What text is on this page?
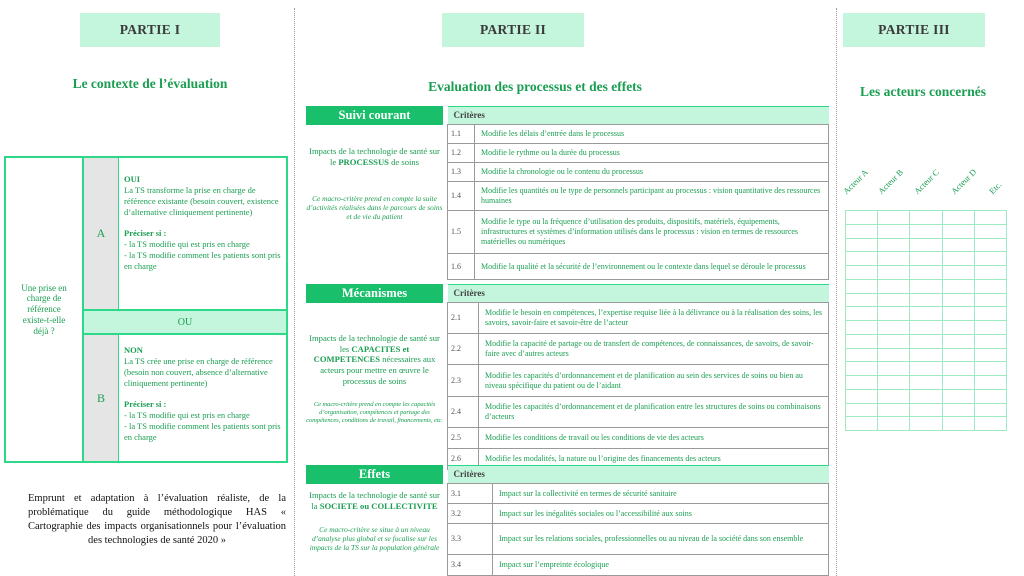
PARTIE I
Le contexte de l’évaluation
Une prise en charge de référence existe-t-elle déjà ?
A
OUI
La TS transforme la prise en charge de référence existante (besoin couvert, existence d’alternative cliniquement pertinente)
Préciser si :
- la TS modifie qui est pris en charge
- la TS modifie comment les patients sont pris en charge
OU
B
NON
La TS crée une prise en charge de référence (besoin non couvert, absence d’alternative cliniquement pertinente)
Préciser si :
- la TS modifie qui est pris en charge
- la TS modifie comment les patients sont pris en charge
Emprunt et adaptation à l’évaluation réaliste, de la problématique du guide méthodologique HAS « Cartographie des impacts organisationnels pour l’évaluation des technologies de santé 2020 »
PARTIE II
Evaluation des processus et des effets
Suivi courant
Impacts de la technologie de santé sur le PROCESSUS de soins
Ce macro-critère prend en compte la suite d’activités réalisées dans le parcours de soins et de vie du patient
Critères	
1.1	Modifie les délais d’entrée dans le processus
1.2	Modifie le rythme ou la durée du processus
1.3	Modifie la chronologie ou le contenu du processus
1.4	Modifie les quantités ou le type de personnels participant au processus : vision quantitative des ressources humaines
1.5	Modifie le type ou la fréquence d’utilisation des produits, dispositifs, matériels, équipements, infrastructures et systèmes d’information utilisés dans le processus : vision en termes de ressources matérielles ou numériques
1.6	Modifie la qualité et la sécurité de l’environnement ou le contexte dans lequel se déroule le processus
Mécanismes
Impacts de la technologie de santé sur les CAPACITES et COMPETENCES nécessaires aux acteurs pour mettre en œuvre le processus de soins
Ce macro-critère prend en compte les capacités d’organisation, compétences et partage des compétences, conditions de travail, financements, etc.
Critères	
2.1	Modifie le besoin en compétences, l’expertise requise liée à la délivrance ou à la réalisation des soins, les savoirs, savoir-faire et savoir-être de l’acteur
2.2	Modifie la capacité de partage ou de transfert de compétences, de connaissances, de savoirs, de savoir-faire avec d’autres acteurs
2.3	Modifie les capacités d’ordonnancement et de planification au sein des services de soins ou bien au niveau spécifique du patient ou de l’aidant
2.4	Modifie les capacités d’ordonnancement et de planification entre les structures de soins ou combinaisons d’acteurs
2.5	Modifie les conditions de travail ou les conditions de vie des acteurs
2.6	Modifie les modalités, la nature ou l’origine des financements des acteurs
Effets
Impacts de la technologie de santé sur la SOCIETE ou COLLECTIVITE
Ce macro-critère se situe à un niveau d’analyse plus global et se focalise sur les impacts de la TS sur la population générale
Critères	
3.1	Impact sur la collectivité en termes de sécurité sanitaire
3.2	Impact sur les inégalités sociales ou l’accessibilité aux soins
3.3	Impact sur les relations sociales, professionnelles ou au niveau de la société dans son ensemble
3.4	Impact sur l’empreinte écologique
PARTIE III
Les acteurs concernés
Acteur A Acteur B Acteur C Acteur D Etc.
